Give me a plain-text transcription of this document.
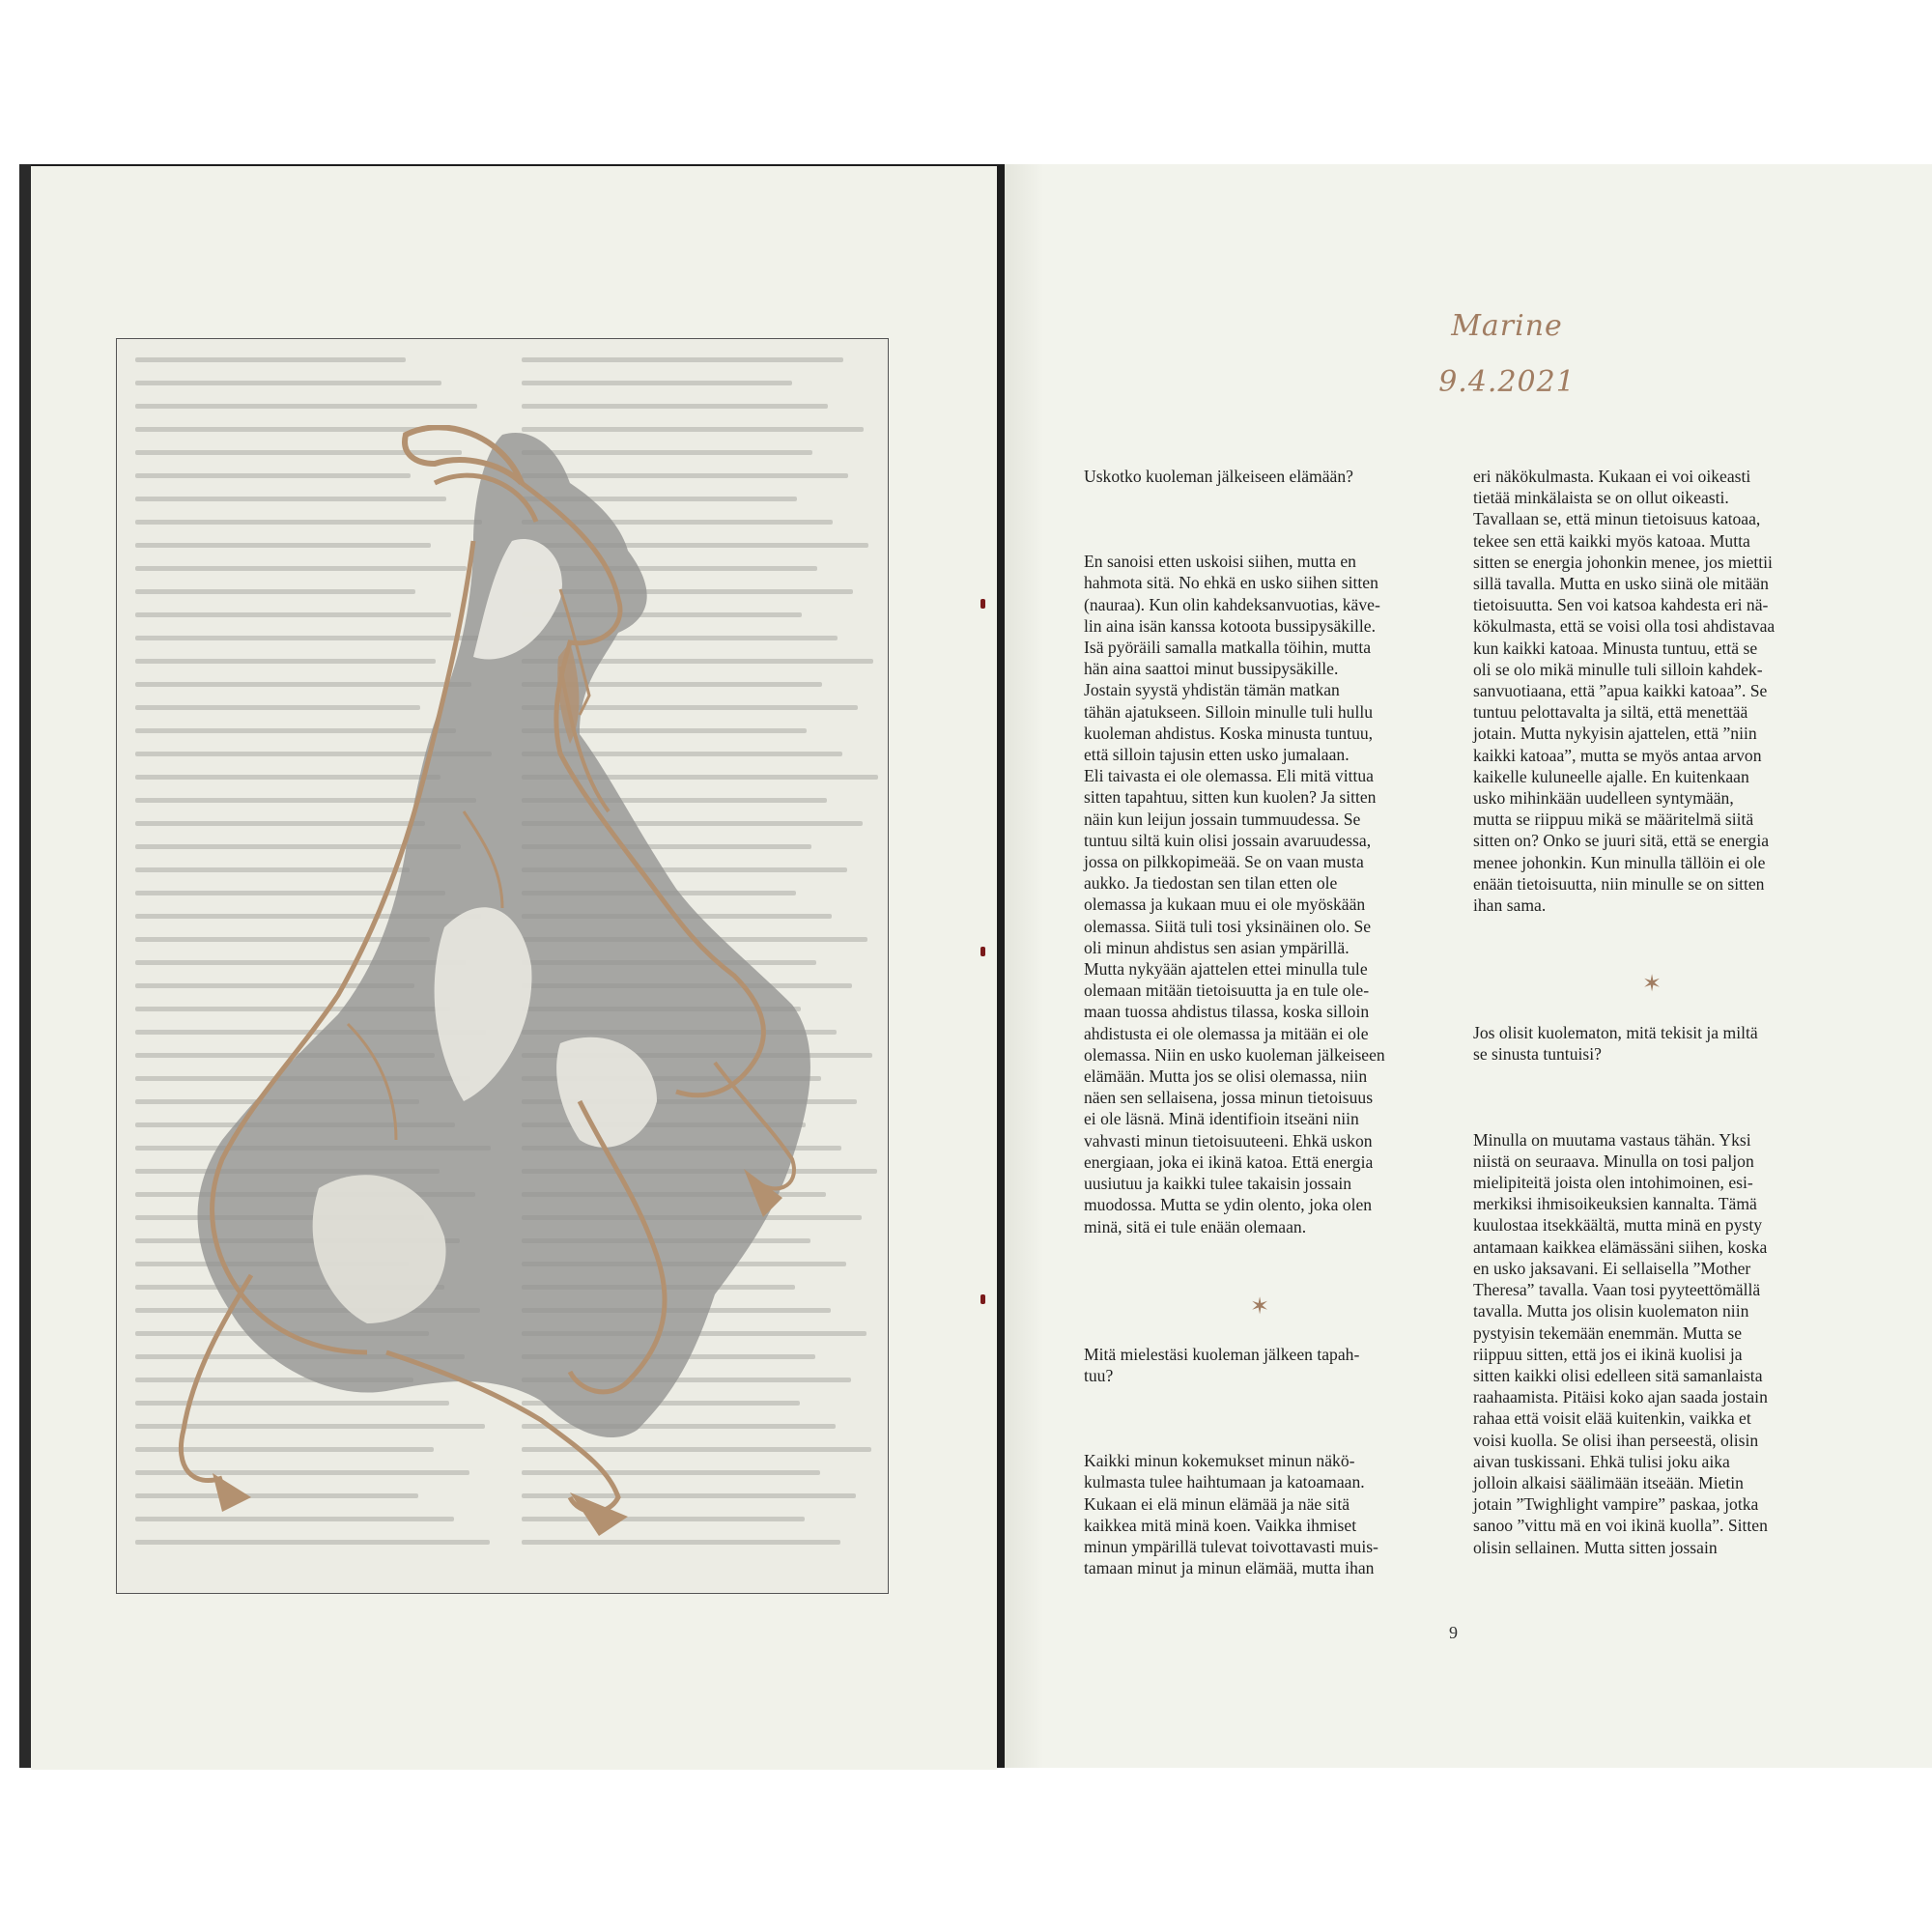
Marine
9.4.2021

Uskotko kuoleman jälkeiseen elämään?

En sanoisi etten uskoisi siihen, mutta en
hahmota sitä. No ehkä en usko siihen sitten
(nauraa). Kun olin kahdeksanvuotias, käve-
lin aina isän kanssa kotoota bussipysäkille.
Isä pyöräili samalla matkalla töihin, mutta
hän aina saattoi minut bussipysäkille.
Jostain syystä yhdistän tämän matkan
tähän ajatukseen. Silloin minulle tuli hullu
kuoleman ahdistus. Koska minusta tuntuu,
että silloin tajusin etten usko jumalaan.
Eli taivasta ei ole olemassa. Eli mitä vittua
sitten tapahtuu, sitten kun kuolen? Ja sitten
näin kun leijun jossain tummuudessa. Se
tuntuu siltä kuin olisi jossain avaruudessa,
jossa on pilkkopimeää. Se on vaan musta
aukko. Ja tiedostan sen tilan etten ole
olemassa ja kukaan muu ei ole myöskään
olemassa. Siitä tuli tosi yksinäinen olo. Se
oli minun ahdistus sen asian ympärillä.
Mutta nykyään ajattelen ettei minulla tule
olemaan mitään tietoisuutta ja en tule ole-
maan tuossa ahdistus tilassa, koska silloin
ahdistusta ei ole olemassa ja mitään ei ole
olemassa. Niin en usko kuoleman jälkeiseen
elämään. Mutta jos se olisi olemassa, niin
näen sen sellaisena, jossa minun tietoisuus
ei ole läsnä. Minä identifioin itseäni niin
vahvasti minun tietoisuuteeni. Ehkä uskon
energiaan, joka ei ikinä katoa. Että energia
uusiutuu ja kaikki tulee takaisin jossain
muodossa. Mutta se ydin olento, joka olen
minä, sitä ei tule enään olemaan.

Mitä mielestäsi kuoleman jälkeen tapah-
tuu?

Kaikki minun kokemukset minun näkö-
kulmasta tulee haihtumaan ja katoamaan.
Kukaan ei elä minun elämää ja näe sitä
kaikkea mitä minä koen. Vaikka ihmiset
minun ympärillä tulevat toivottavasti muis-
tamaan minut ja minun elämää, mutta ihan

eri näkökulmasta. Kukaan ei voi oikeasti
tietää minkälaista se on ollut oikeasti.
Tavallaan se, että minun tietoisuus katoaa,
tekee sen että kaikki myös katoaa. Mutta
sitten se energia johonkin menee, jos miettii
sillä tavalla. Mutta en usko siinä ole mitään
tietoisuutta. Sen voi katsoa kahdesta eri nä-
kökulmasta, että se voisi olla tosi ahdistavaa
kun kaikki katoaa. Minusta tuntuu, että se
oli se olo mikä minulle tuli silloin kahdek-
sanvuotiaana, että ”apua kaikki katoaa”. Se
tuntuu pelottavalta ja siltä, että menettää
jotain. Mutta nykyisin ajattelen, että ”niin
kaikki katoaa”, mutta se myös antaa arvon
kaikelle kuluneelle ajalle. En kuitenkaan
usko mihinkään uudelleen syntymään,
mutta se riippuu mikä se määritelmä siitä
sitten on? Onko se juuri sitä, että se energia
menee johonkin. Kun minulla tällöin ei ole
enään tietoisuutta, niin minulle se on sitten
ihan sama.

Jos olisit kuolematon, mitä tekisit ja miltä
se sinusta tuntuisi?

Minulla on muutama vastaus tähän. Yksi
niistä on seuraava. Minulla on tosi paljon
mielipiteitä joista olen intohimoinen, esi-
merkiksi ihmisoikeuksien kannalta. Tämä
kuulostaa itsekkäältä, mutta minä en pysty
antamaan kaikkea elämässäni siihen, koska
en usko jaksavani. Ei sellaisella ”Mother
Theresa” tavalla. Vaan tosi pyyteettömällä
tavalla. Mutta jos olisin kuolematon niin
pystyisin tekemään enemmän. Mutta se
riippuu sitten, että jos ei ikinä kuolisi ja
sitten kaikki olisi edelleen sitä samanlaista
raahaamista. Pitäisi koko ajan saada jostain
rahaa että voisit elää kuitenkin, vaikka et
voisi kuolla. Se olisi ihan perseestä, olisin
aivan tuskissani. Ehkä tulisi joku aika
jolloin alkaisi säälimään itseään. Mietin
jotain ”Twighlight vampire” paskaa, jotka
sanoo ”vittu mä en voi ikinä kuolla”. Sitten
olisin sellainen. Mutta sitten jossain

✶
✶
9
